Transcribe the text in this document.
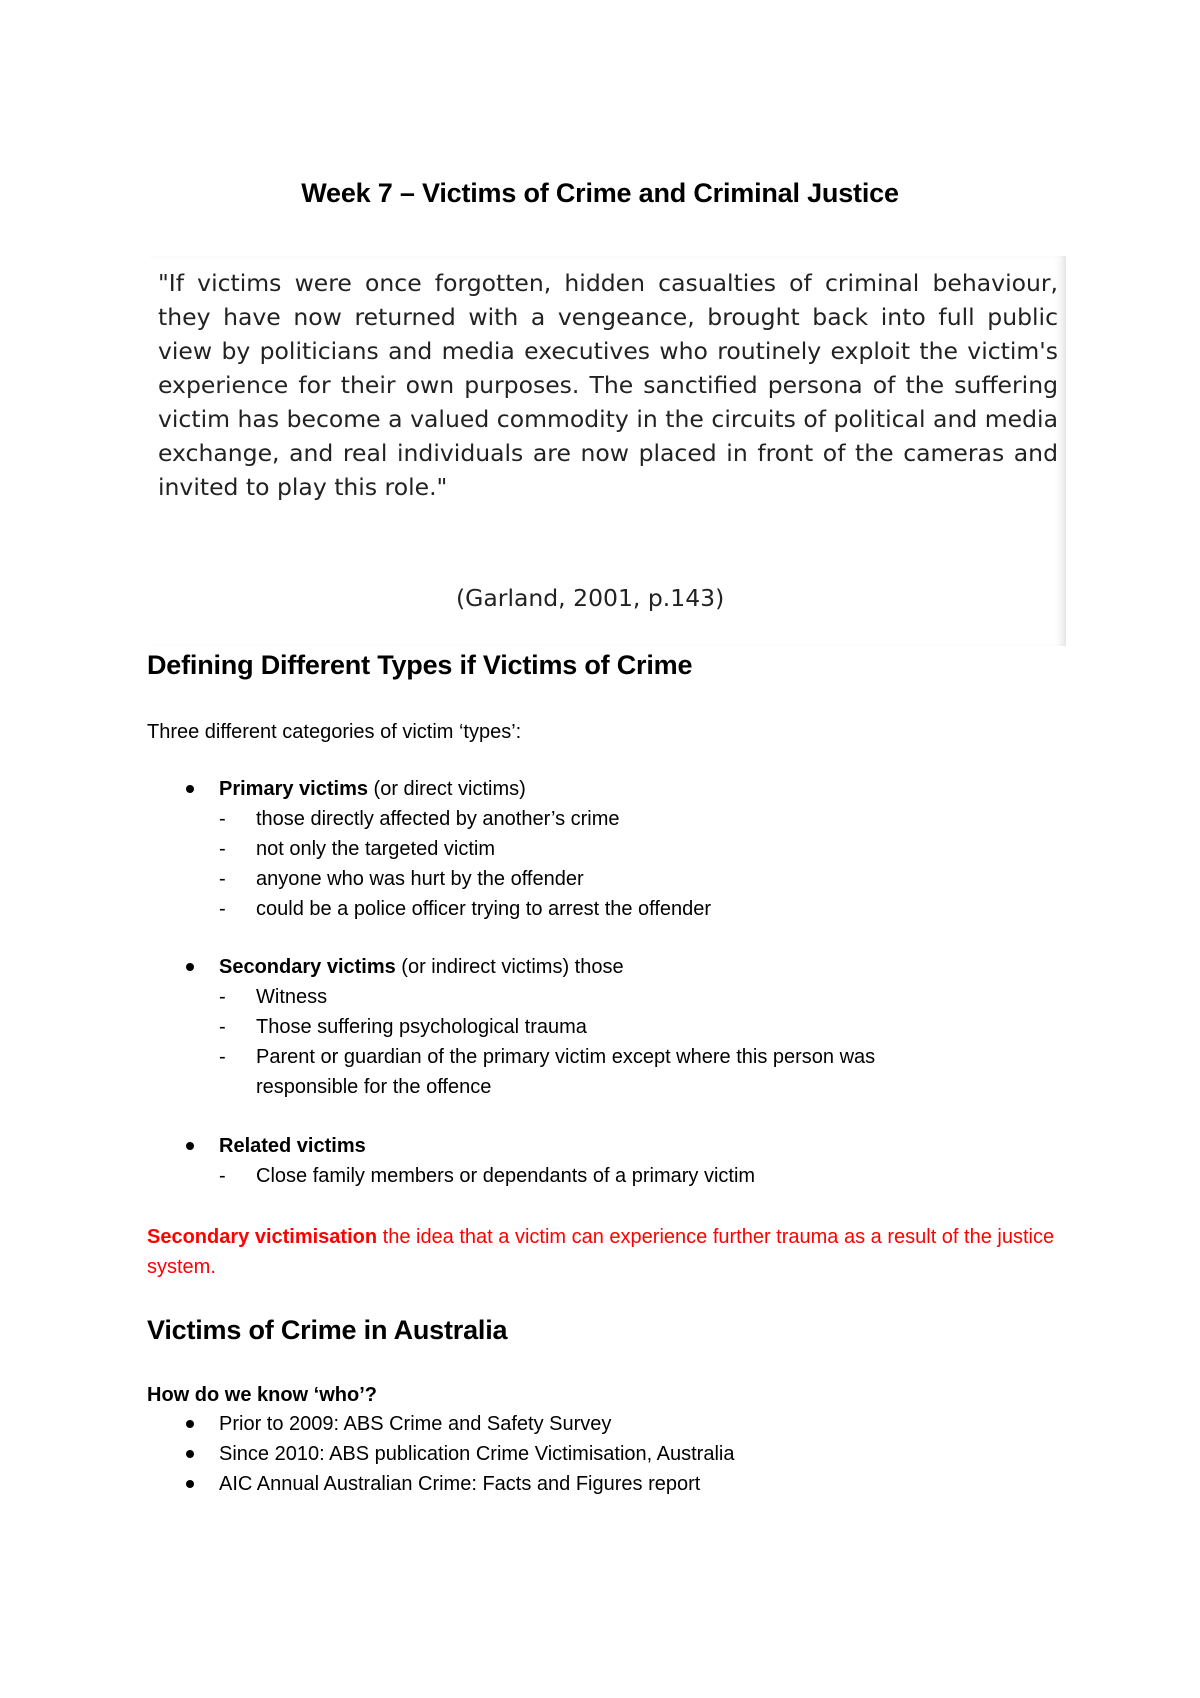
Week 7 – Victims of Crime and Criminal Justice

"If victims were once forgotten, hidden casualties of criminal behaviour, they have now returned with a vengeance, brought back into full public view by politicians and media executives who routinely exploit the victim's experience for their own purposes. The sanctified persona of the suffering victim has become a valued commodity in the circuits of political and media exchange, and real individuals are now placed in front of the cameras and invited to play this role."

(Garland, 2001, p.143)

Defining Different Types if Victims of Crime

Three different categories of victim ‘types’:

Primary victims (or direct victims)
- those directly affected by another’s crime
- not only the targeted victim
- anyone who was hurt by the offender
- could be a police officer trying to arrest the offender
Secondary victims (or indirect victims) those
- Witness
- Those suffering psychological trauma
- Parent or guardian of the primary victim except where this person was responsible for the offence
Related victims
- Close family members or dependants of a primary victim

Secondary victimisation the idea that a victim can experience further trauma as a result of the justice system.

Victims of Crime in Australia

How do we know ‘who’?

Prior to 2009: ABS Crime and Safety Survey
Since 2010: ABS publication Crime Victimisation, Australia
AIC Annual Australian Crime: Facts and Figures report
